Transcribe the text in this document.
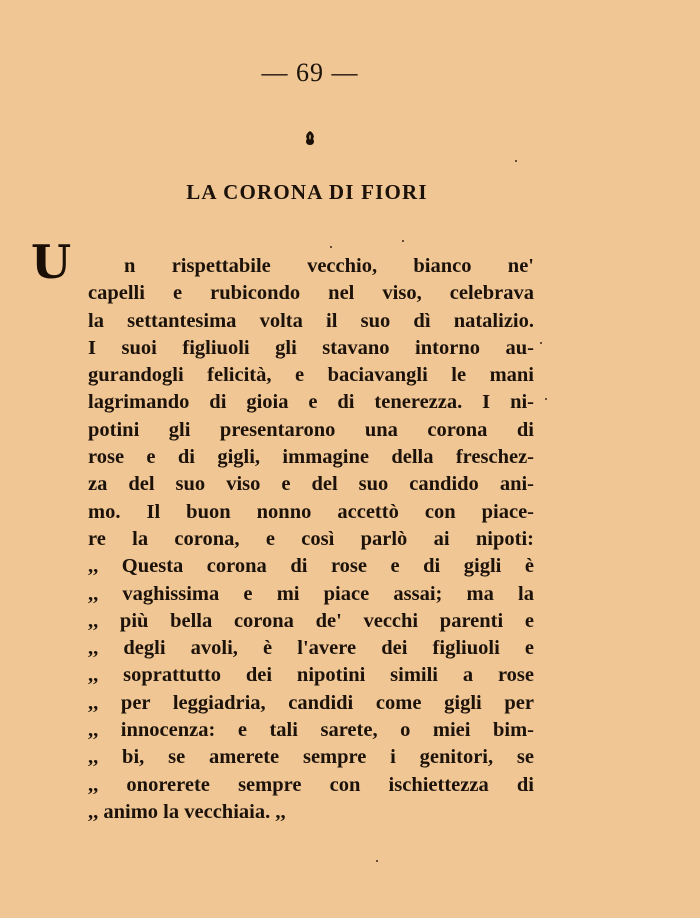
— 69 —
LA CORONA DI FIORI
U	n rispettabile vecchio, bianco ne'
capelli e rubicondo nel viso, celebrava
la settantesima volta il suo dì natalizio.
I suoi figliuoli gli stavano intorno au-
gurandogli felicità, e baciavangli le mani
lagrimando di gioia e di tenerezza. I ni-
potini gli presentarono una corona di
rose e di gigli, immagine della freschez-
za del suo viso e del suo candido ani-
mo. Il buon nonno accettò con piace-
re la corona, e così parlò ai nipoti:
,, Questa corona di rose e di gigli è
,, vaghissima e mi piace assai; ma la
,, più bella corona de' vecchi parenti e
,, degli avoli, è l'avere dei figliuoli e
,, soprattutto dei nipotini simili a rose
,, per leggiadria, candidi come gigli per
,, innocenza: e tali sarete, o miei bim-
,, bi, se amerete sempre i genitori, se
,, onorerete sempre con ischiettezza di
,, animo la vecchiaia. ,,
